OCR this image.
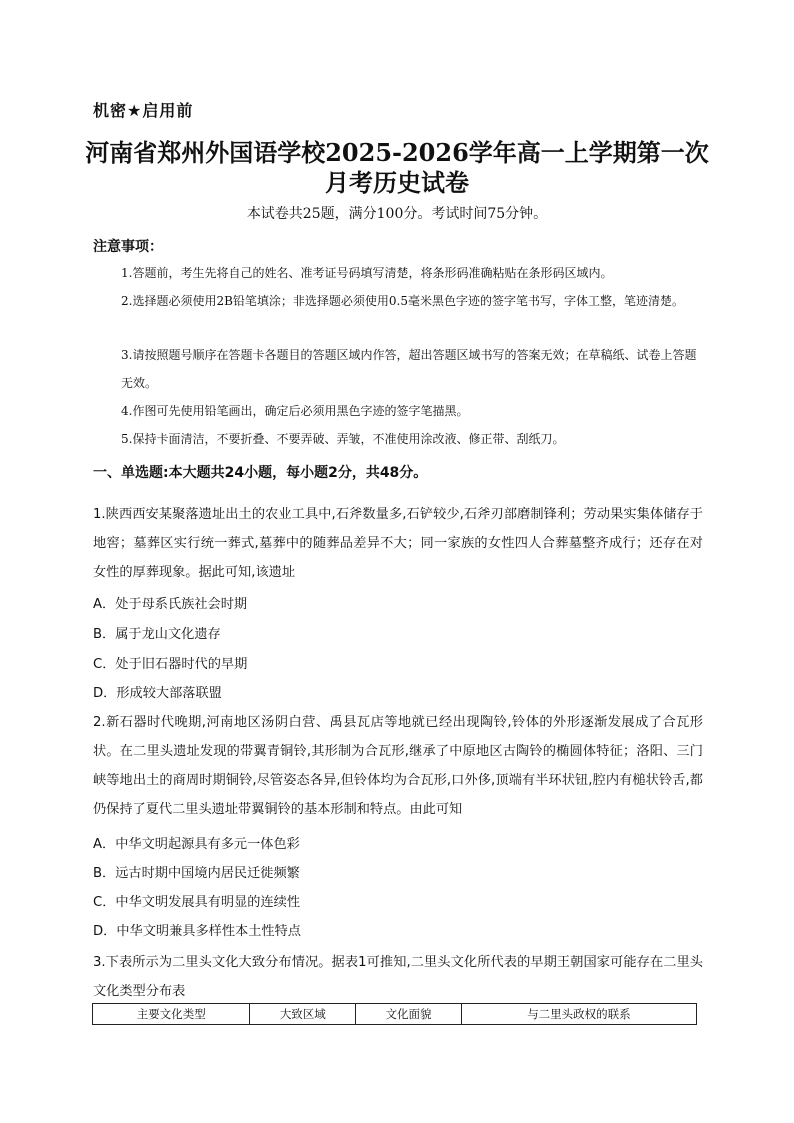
机密★启用前
河南省郑州外国语学校2025-2026学年高一上学期第一次
月考历史试卷
本试卷共25题，满分100分。考试时间75分钟。
注意事项：
1.答题前，考生先将自己的姓名、准考证号码填写清楚，将条形码准确粘贴在条形码区域内。
2.选择题必须使用2B铅笔填涂；非选择题必须使用0.5毫米黑色字迹的签字笔书写，字体工整，笔迹清楚。
3.请按照题号顺序在答题卡各题目的答题区域内作答，超出答题区域书写的答案无效；在草稿纸、试卷上答题无效。
4.作图可先使用铅笔画出，确定后必须用黑色字迹的签字笔描黑。
5.保持卡面清洁，不要折叠、不要弄破、弄皱，不准使用涂改液、修正带、刮纸刀。
一、单选题:本大题共24小题，每小题2分，共48分。
1.陕西西安某聚落遗址出土的农业工具中,石斧数量多,石铲较少,石斧刃部磨制锋利；劳动果实集体储存于地窖；墓葬区实行统一葬式,墓葬中的随葬品差异不大；同一家族的女性四人合葬墓整齐成行；还存在对女性的厚葬现象。据此可知,该遗址
A．处于母系氏族社会时期
B．属于龙山文化遗存
C．处于旧石器时代的早期
D．形成较大部落联盟
2.新石器时代晚期,河南地区汤阴白营、禹县瓦店等地就已经出现陶铃,铃体的外形逐渐发展成了合瓦形状。在二里头遗址发现的带翼青铜铃,其形制为合瓦形,继承了中原地区古陶铃的椭圆体特征；洛阳、三门峡等地出土的商周时期铜铃,尽管姿态各异,但铃体均为合瓦形,口外侈,顶端有半环状钮,腔内有槌状铃舌,都仍保持了夏代二里头遗址带翼铜铃的基本形制和特点。由此可知
A．中华文明起源具有多元一体色彩
B．远古时期中国境内居民迁徙频繁
C．中华文明发展具有明显的连续性
D．中华文明兼具多样性本土性特点
3.下表所示为二里头文化大致分布情况。据表1可推知,二里头文化所代表的早期王朝国家可能存在二里头文化类型分布表
主要文化类型	大致区域	文化面貌	与二里头政权的联系
